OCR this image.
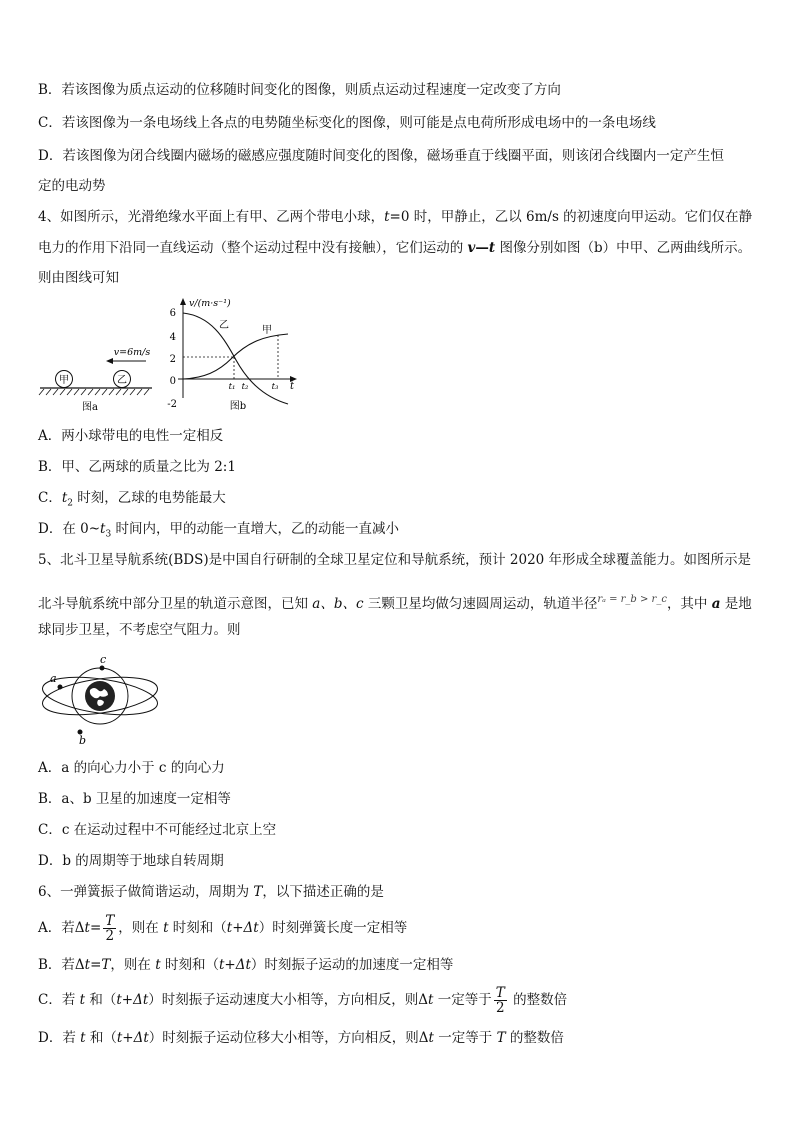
B．若该图像为质点运动的位移随时间变化的图像，则质点运动过程速度一定改变了方向
C．若该图像为一条电场线上各点的电势随坐标变化的图像，则可能是点电荷所形成电场中的一条电场线
D．若该图像为闭合线圈内磁场的磁感应强度随时间变化的图像，磁场垂直于线圈平面，则该闭合线圈内一定产生恒
定的电动势
4、如图所示，光滑绝缘水平面上有甲、乙两个带电小球，t=0 时，甲静止，乙以 6m/s 的初速度向甲运动。它们仅在静
电力的作用下沿同一直线运动（整个运动过程中没有接触），它们运动的 v—t 图像分别如图（b）中甲、乙两曲线所示。
则由图线可知
甲	乙
v=6m/s
图a
v/(m·s⁻¹)
t
6
4
2
0
-2
乙	甲
t₁ t₂	t₃
图b
A．两小球带电的电性一定相反
B．甲、乙两球的质量之比为 2:1
C．$t_2$ 时刻，乙球的电势能最大
D．在 $0\sim t_3$ 时间内，甲的动能一直增大，乙的动能一直减小
5、北斗卫星导航系统(BDS)是中国自行研制的全球卫星定位和导航系统，预计 2020 年形成全球覆盖能力。如图所示是
北斗导航系统中部分卫星的轨道示意图，已知 a、b、c 三颗卫星均做匀速圆周运动，轨道半径$^{r_a = r\_b > r\_c}$，其中 a 是地
球同步卫星，不考虑空气阻力。则
a
c
b
A．a 的向心力小于 c 的向心力
B．a、b 卫星的加速度一定相等
C．c 在运动过程中不可能经过北京上空
D．b 的周期等于地球自转周期
6、一弹簧振子做简谐运动，周期为 T，以下描述正确的是
A．若$\Delta t= \frac{T}{2}$ ，则在 t 时刻和（t+Δt）时刻弹簧长度一定相等
B．若Δt=T，则在 t 时刻和（t+Δt）时刻振子运动的加速度一定相等
C．若 t 和（t+Δt）时刻振子运动速度大小相等，方向相反，则Δt 一定等于 $\frac{T}{2}$ 的整数倍
D．若 t 和（t+Δt）时刻振子运动位移大小相等，方向相反，则Δt 一定等于 T 的整数倍
